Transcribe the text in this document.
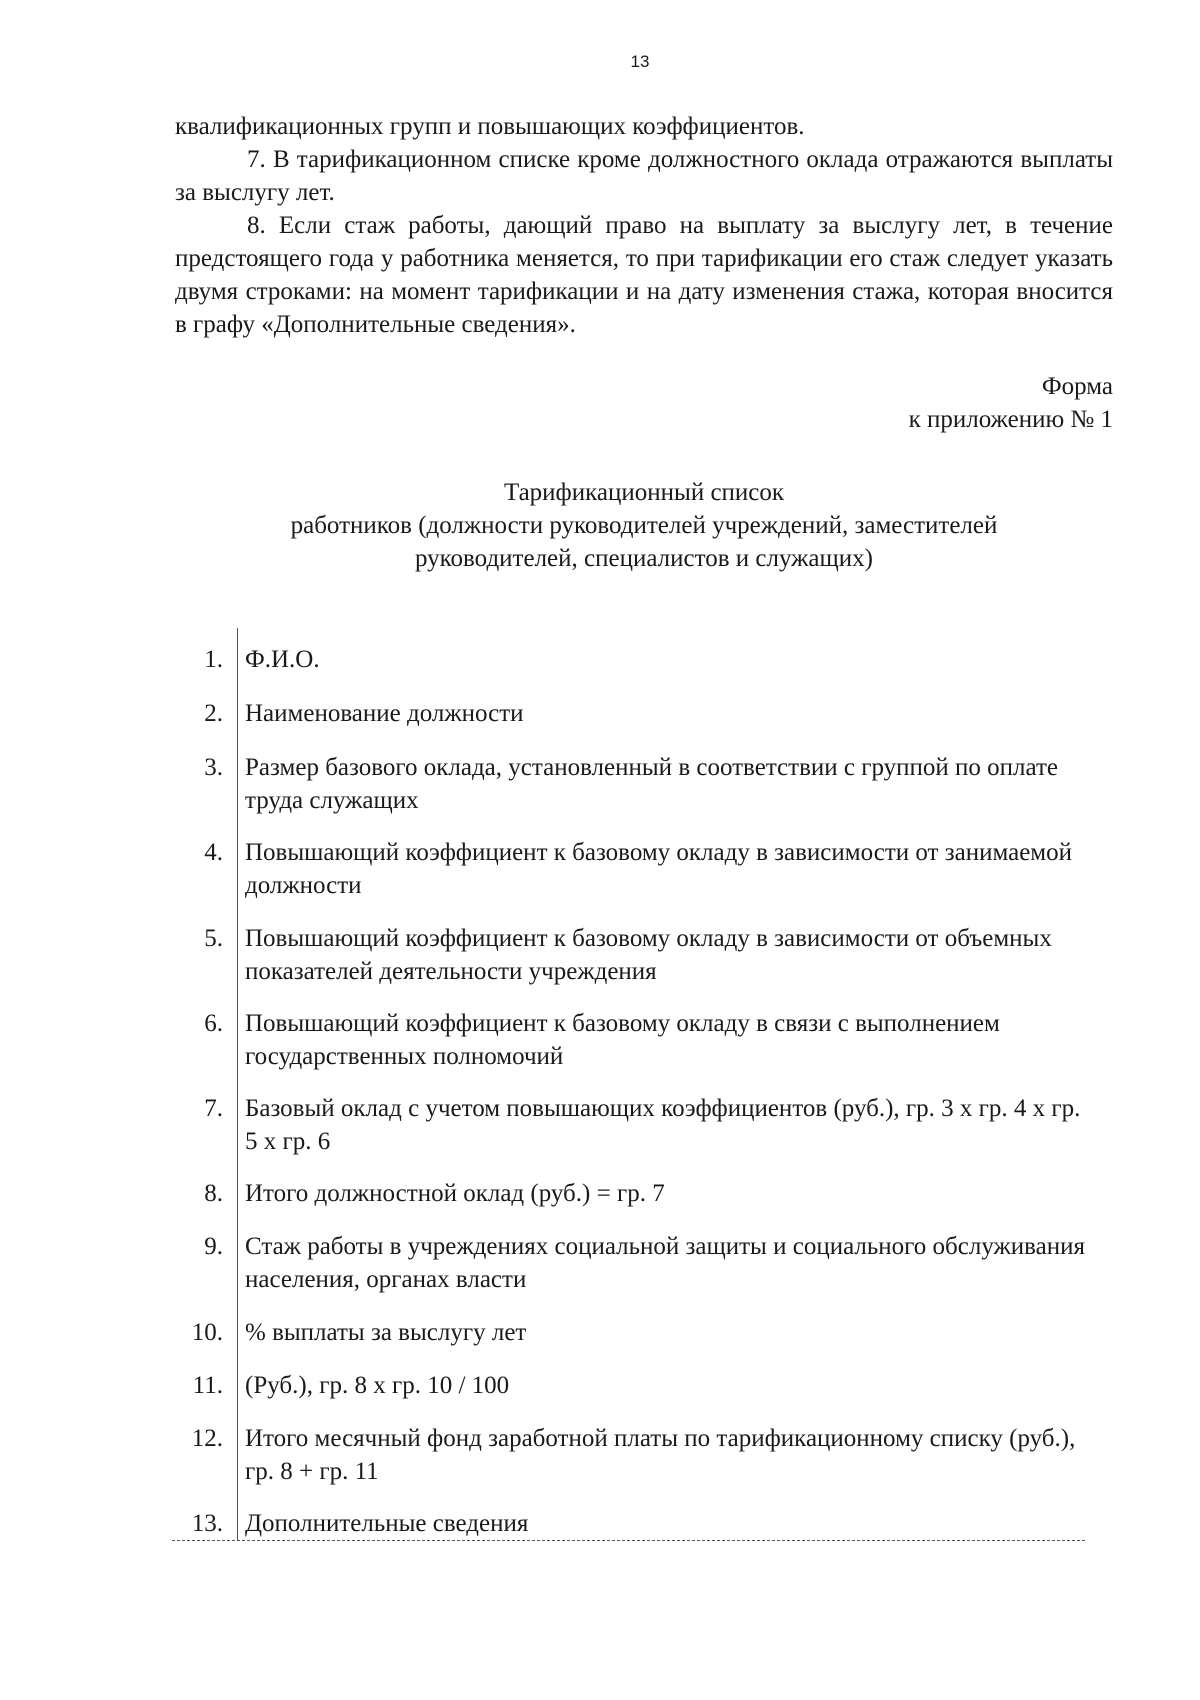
13

квалификационных групп и повышающих коэффициентов.

7. В тарификационном списке кроме должностного оклада отражаются выплаты за выслугу лет.

8. Если стаж работы, дающий право на выплату за выслугу лет, в течение предстоящего года у работника меняется, то при тарификации его стаж следует указать двумя строками: на момент тарификации и на дату изменения стажа, которая вносится в графу «Дополнительные сведения».

Форма
к приложению № 1
Тарификационный список
работников (должности руководителей учреждений, заместителей
руководителей, специалистов и служащих)
1. Ф.И.О.
2. Наименование должности
3. Размер базового оклада, установленный в соответствии с группой по оплате труда служащих
4. Повышающий коэффициент к базовому окладу в зависимости от занимаемой должности
5. Повышающий коэффициент к базовому окладу в зависимости от объемных показателей деятельности учреждения
6. Повышающий коэффициент к базовому окладу в связи с выполнением государственных полномочий
7. Базовый оклад с учетом повышающих коэффициентов (руб.), гр. 3 х гр. 4 х гр. 5 х гр. 6
8. Итого должностной оклад (руб.) = гр. 7
9. Стаж работы в учреждениях социальной защиты и социального обслуживания населения, органах власти
10. % выплаты за выслугу лет
11. (Руб.), гр. 8 х гр. 10 / 100
12. Итого месячный фонд заработной платы по тарификационному списку (руб.), гр. 8 + гр. 11
13. Дополнительные сведения
